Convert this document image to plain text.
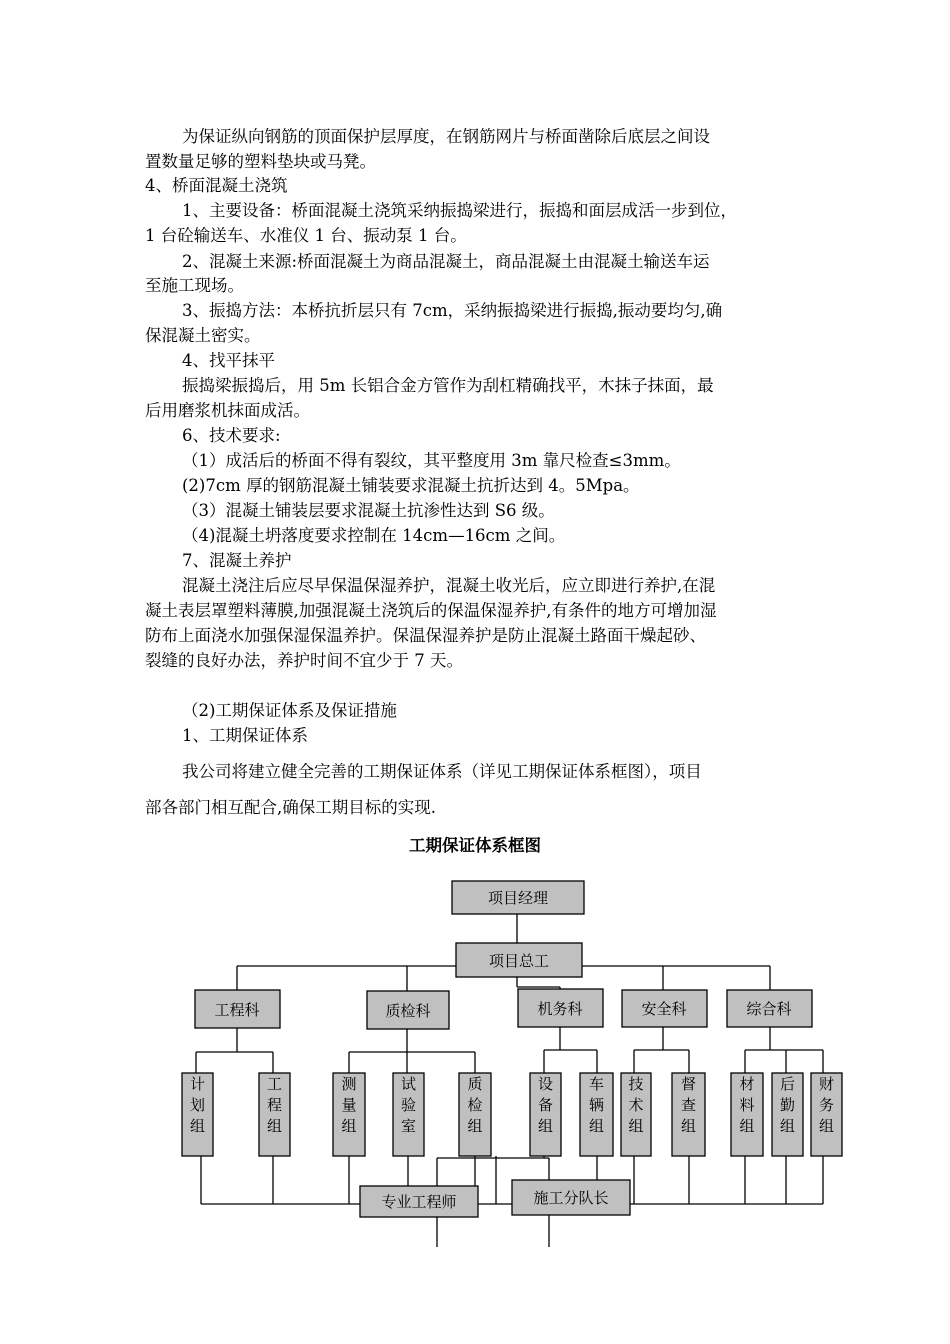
为保证纵向钢筋的顶面保护层厚度，在钢筋网片与桥面凿除后底层之间设
置数量足够的塑料垫块或马凳。
4、桥面混凝土浇筑
1、主要设备：桥面混凝土浇筑采纳振捣梁进行，振捣和面层成活一步到位，
1 台砼输送车、水准仪 1 台、振动泵 1 台。
2、混凝土来源:桥面混凝土为商品混凝土，商品混凝土由混凝土输送车运
至施工现场。
3、振捣方法：本桥抗折层只有 7cm，采纳振捣梁进行振捣,振动要均匀,确
保混凝土密实。
4、找平抹平
振捣梁振捣后，用 5m 长铝合金方管作为刮杠精确找平，木抹子抹面，最
后用磨浆机抹面成活。
6、技术要求:
（1）成活后的桥面不得有裂纹，其平整度用 3m 靠尺检查≤3mm。
(2)7cm 厚的钢筋混凝土铺装要求混凝土抗折达到 4。5Mpa。
（3）混凝土铺装层要求混凝土抗渗性达到 S6 级。
（4)混凝土坍落度要求控制在 14cm—16cm 之间。
7、混凝土养护
混凝土浇注后应尽早保温保湿养护，混凝土收光后，应立即进行养护,在混
凝土表层罩塑料薄膜,加强混凝土浇筑后的保温保湿养护,有条件的地方可增加湿
防布上面浇水加强保湿保温养护。保温保湿养护是防止混凝土路面干燥起砂、
裂缝的良好办法，养护时间不宜少于 7 天。
（2)工期保证体系及保证措施
1、工期保证体系
我公司将建立健全完善的工期保证体系（详见工期保证体系框图），项目
部各部门相互配合,确保工期目标的实现.
工期保证体系框图
项目经理
项目总工
工程科	质检科	机务科	安全科	综合科
计划组
工程组
测量组
试验室
质检组
设备组
车辆组
技术组
督查组
材料组
后勤组
财务组
专业工程师	施工分队长
